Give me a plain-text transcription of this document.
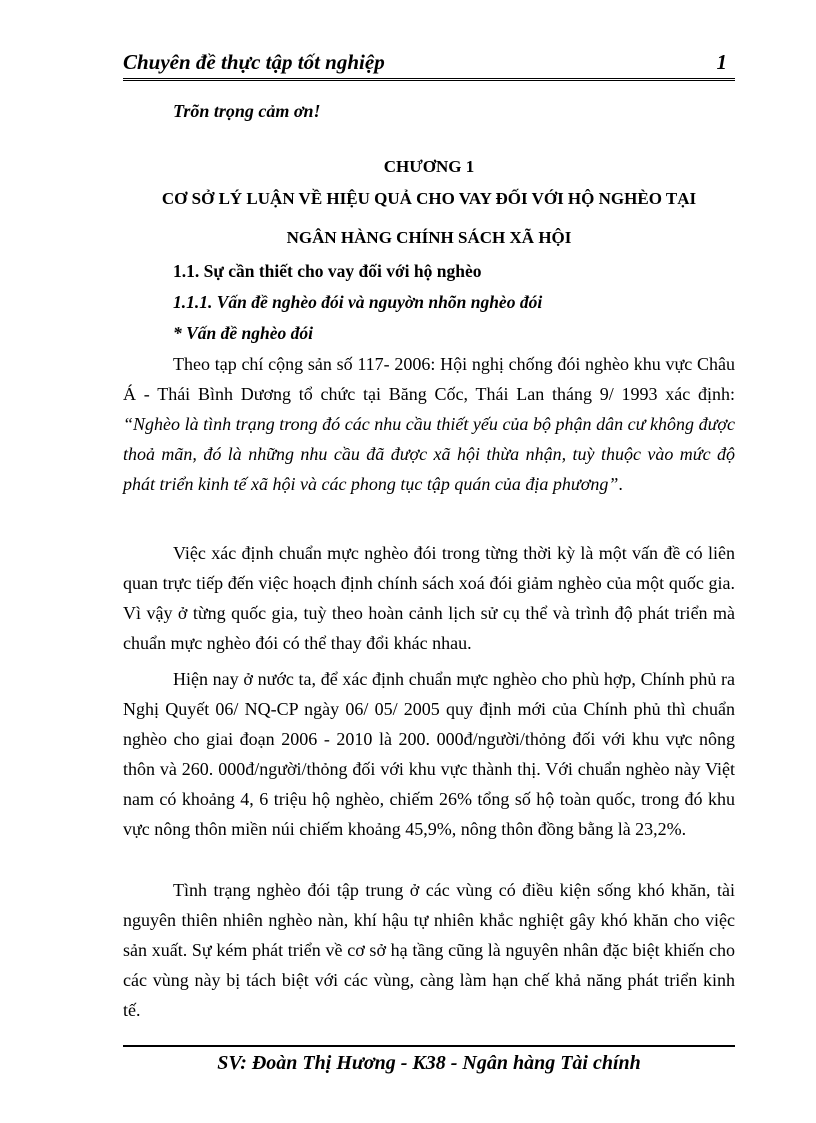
Chuyên đề thực tập tốt nghiệp	1
Trõn trọng cảm ơn!
CHƯƠNG 1
CƠ SỞ LÝ LUẬN VỀ HIỆU QUẢ CHO VAY ĐỐI VỚI HỘ NGHÈO TẠI
NGÂN HÀNG CHÍNH SÁCH XÃ HỘI
1.1. Sự cần thiết cho vay đối với hộ nghèo
1.1.1. Vấn đề nghèo đói và nguyờn nhõn nghèo đói
* Vấn đề nghèo đói

Theo tạp chí cộng sản số 117- 2006: Hội nghị chống đói nghèo khu vực Châu Á - Thái Bình Dương tổ chức tại Băng Cốc, Thái Lan tháng 9/ 1993 xác định: “Nghèo là tình trạng trong đó các nhu cầu thiết yếu của bộ phận dân cư không được thoả mãn, đó là những nhu cầu đã được xã hội thừa nhận, tuỳ thuộc vào mức độ phát triển kinh tế xã hội và các phong tục tập quán của địa phương”.

Việc xác định chuẩn mực nghèo đói trong từng thời kỳ là một vấn đề có liên quan trực tiếp đến việc hoạch định chính sách xoá đói giảm nghèo của một quốc gia. Vì vậy ở từng quốc gia, tuỳ theo hoàn cảnh lịch sử cụ thể và trình độ phát triển mà chuẩn mực nghèo đói có thể thay đổi khác nhau.

Hiện nay ở nước ta, để xác định chuẩn mực nghèo cho phù hợp, Chính phủ ra Nghị Quyết 06/ NQ-CP ngày 06/ 05/ 2005 quy định mới của Chính phủ thì chuẩn nghèo cho giai đoạn 2006 - 2010 là 200. 000đ/người/thỏng đối với khu vực nông thôn và 260. 000đ/người/thỏng đối với khu vực thành thị. Với chuẩn nghèo này Việt nam có khoảng 4, 6 triệu hộ nghèo, chiếm 26% tổng số hộ toàn quốc, trong đó khu vực nông thôn miền núi chiếm khoảng 45,9%, nông thôn đồng bằng là 23,2%.

Tình trạng nghèo đói tập trung ở các vùng có điều kiện sống khó khăn, tài nguyên thiên nhiên nghèo nàn, khí hậu tự nhiên khắc nghiệt gây khó khăn cho việc sản xuất. Sự kém phát triển về cơ sở hạ tầng cũng là nguyên nhân đặc biệt khiến cho các vùng này bị tách biệt với các vùng, càng làm hạn chế khả năng phát triển kinh tế.

SV: Đoàn Thị Hương - K38 - Ngân hàng Tài chính
